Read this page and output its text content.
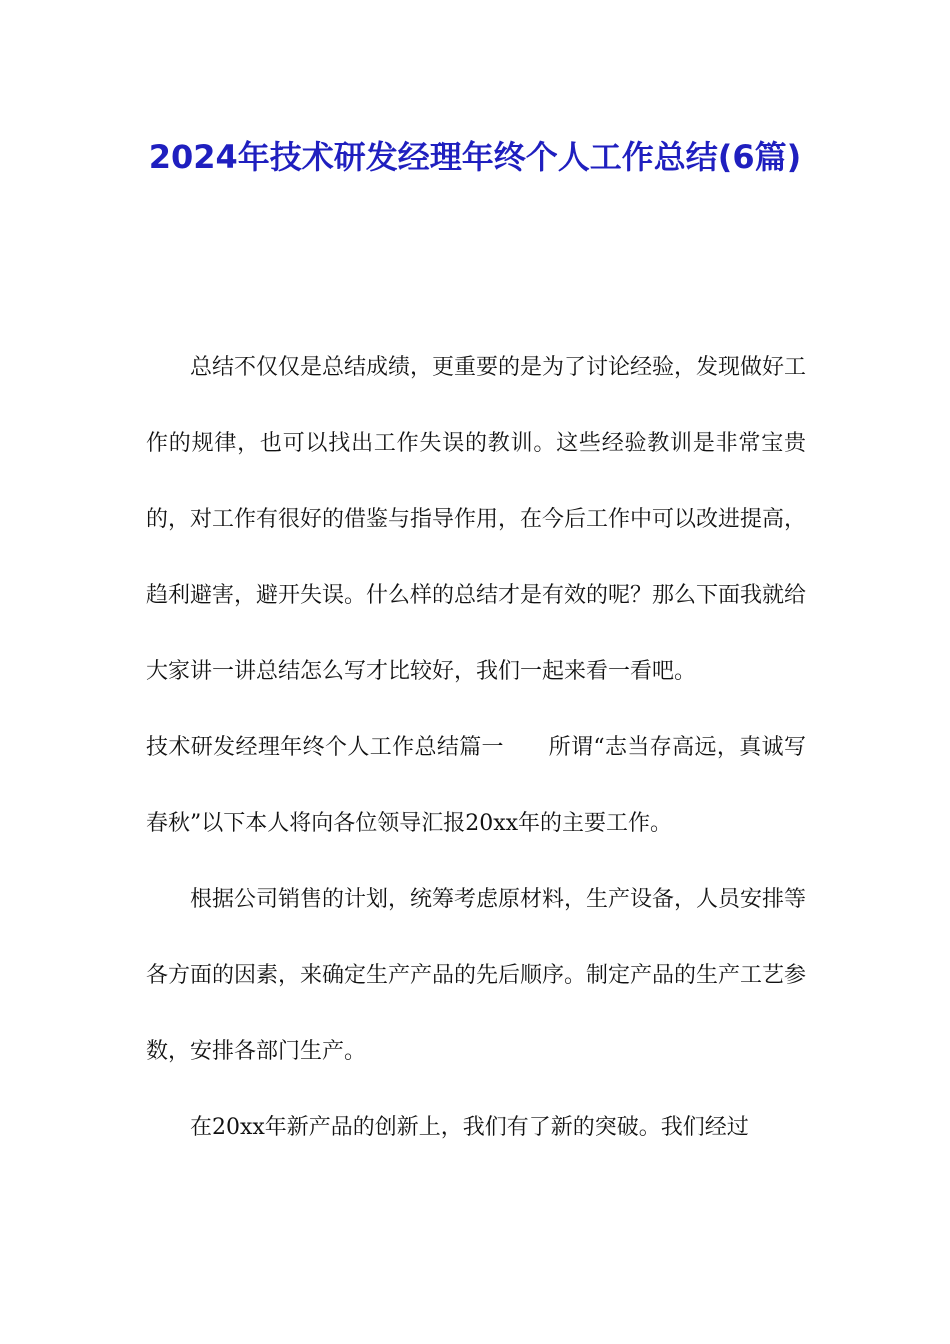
2024年技术研发经理年终个人工作总结(6篇)

总结不仅仅是总结成绩，更重要的是为了讨论经验，发现做好工作的规律，也可以找出工作失误的教训。这些经验教训是非常宝贵的，对工作有很好的借鉴与指导作用，在今后工作中可以改进提高，趋利避害，避开失误。什么样的总结才是有效的呢？那么下面我就给大家讲一讲总结怎么写才比较好，我们一起来看一看吧。

技术研发经理年终个人工作总结篇一　　所谓“志当存高远，真诚写春秋”以下本人将向各位领导汇报20xx年的主要工作。

根据公司销售的计划，统筹考虑原材料，生产设备，人员安排等各方面的因素，来确定生产产品的先后顺序。制定产品的生产工艺参数，安排各部门生产。

在20xx年新产品的创新上，我们有了新的突破。我们经过
